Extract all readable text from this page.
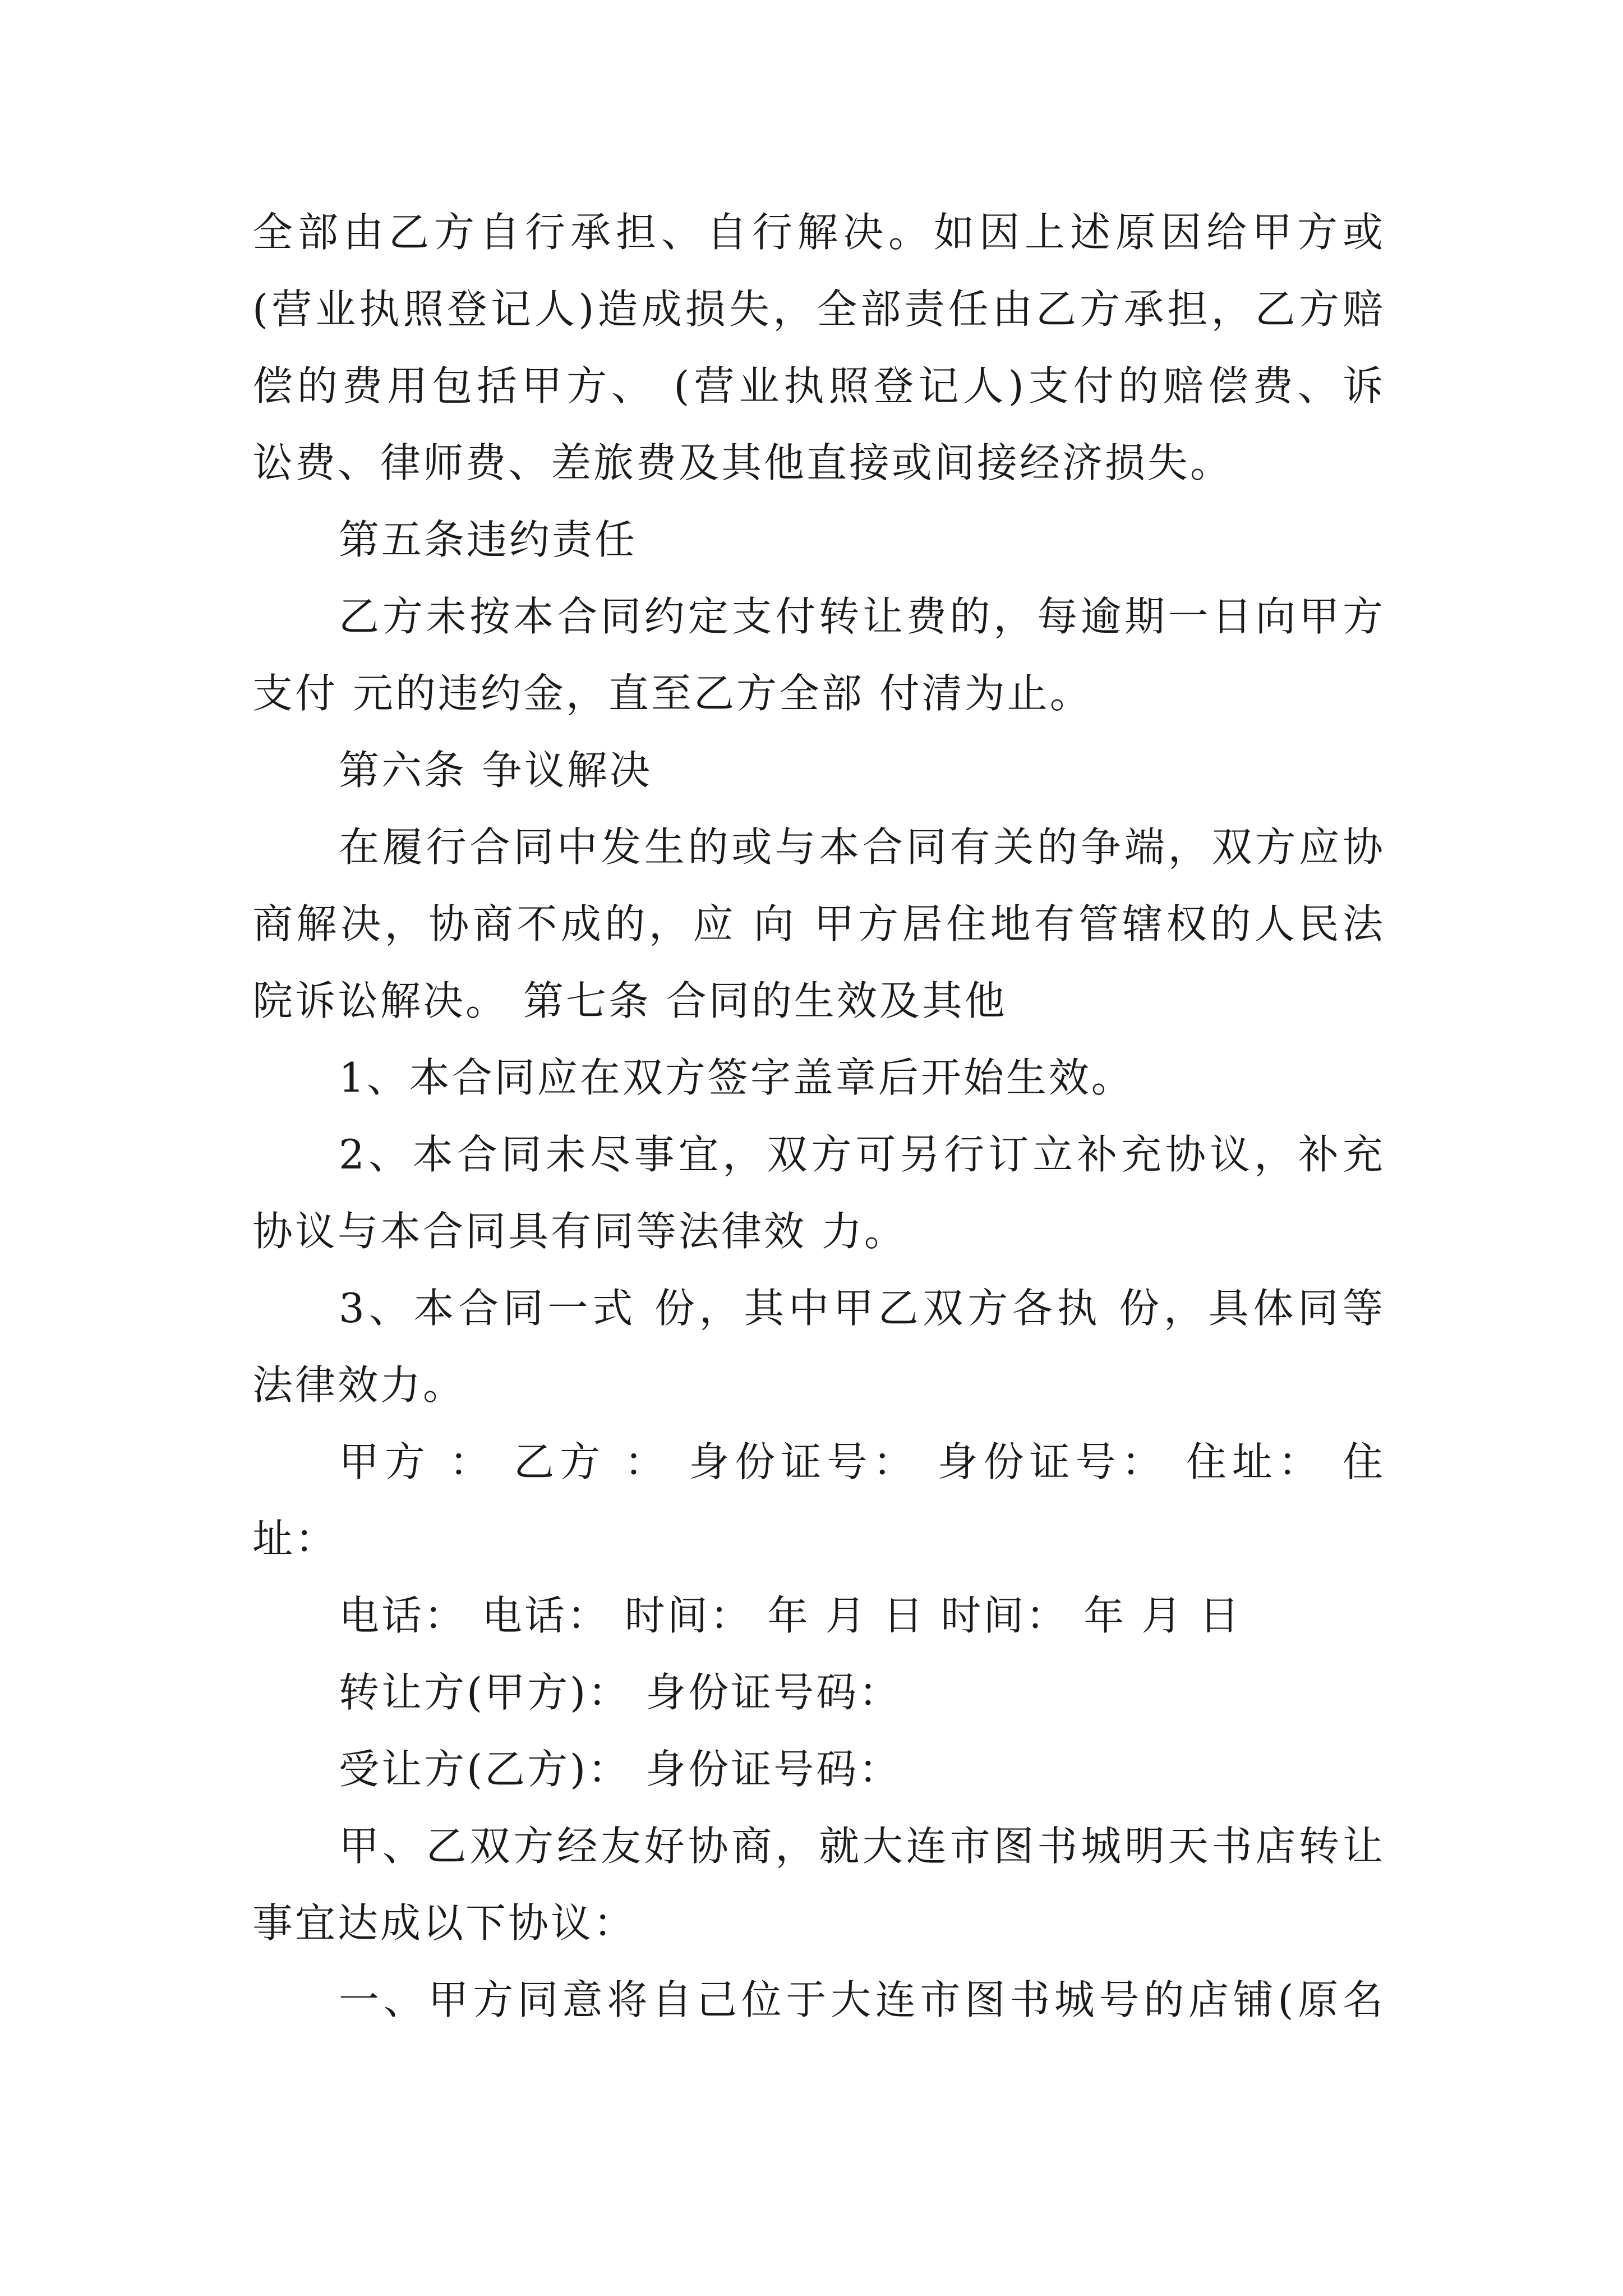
全部由乙方自行承担、自行解决。如因上述原因给甲方或
(营业执照登记人)造成损失，全部责任由乙方承担，乙方赔
偿的费用包括甲方、 (营业执照登记人)支付的赔偿费、诉
讼费、律师费、差旅费及其他直接或间接经济损失。
第五条违约责任
乙方未按本合同约定支付转让费的，每逾期一日向甲方
支付 元的违约金，直至乙方全部 付清为止。
第六条 争议解决
在履行合同中发生的或与本合同有关的争端，双方应协
商解决，协商不成的，应 向 甲方居住地有管辖权的人民法
院诉讼解决。 第七条 合同的生效及其他
1、本合同应在双方签字盖章后开始生效。
2、本合同未尽事宜，双方可另行订立补充协议，补充
协议与本合同具有同等法律效 力。
3、本合同一式 份，其中甲乙双方各执 份，具体同等
法律效力。
甲方 ： 乙方 ： 身份证号： 身份证号： 住址： 住
址：
电话： 电话： 时间： 年 月 日 时间： 年 月 日
转让方(甲方)： 身份证号码：
受让方(乙方)： 身份证号码：
甲、乙双方经友好协商，就大连市图书城明天书店转让
事宜达成以下协议：
一、甲方同意将自己位于大连市图书城号的店铺(原名
